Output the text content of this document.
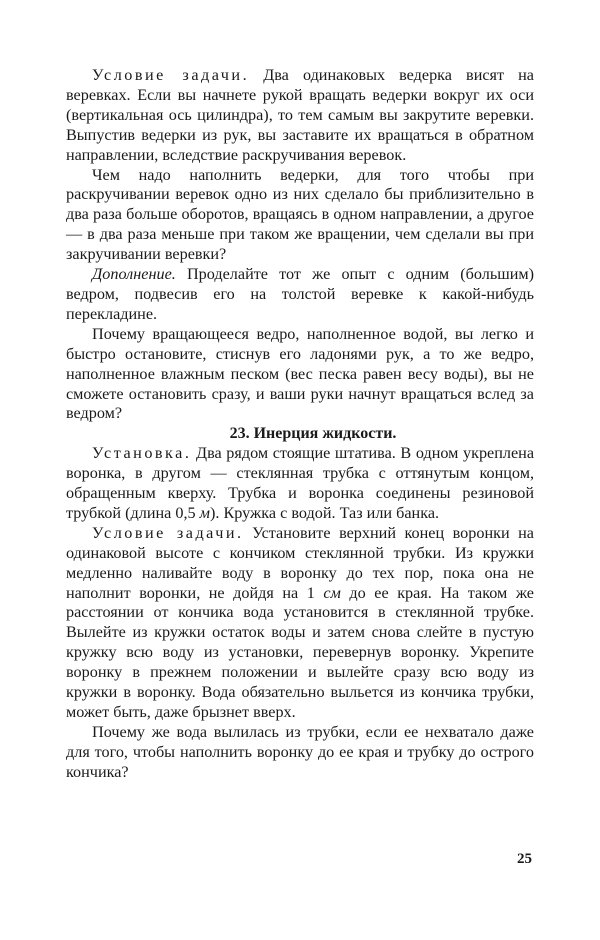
Условие задачи. Два одинаковых ведерка висят на веревках. Если вы начнете рукой вращать ведерки вокруг их оси (вертикальная ось цилиндра), то тем самым вы закрутите веревки. Выпустив ведерки из рук, вы заставите их вращаться в обратном направлении, вследствие раскручивания веревок.

Чем надо наполнить ведерки, для того чтобы при раскручивании веревок одно из них сделало бы приблизительно в два раза больше оборотов, вращаясь в одном направлении, а другое — в два раза меньше при таком же вращении, чем сделали вы при закручивании веревки?

Дополнение. Проделайте тот же опыт с одним (большим) ведром, подвесив его на толстой веревке к какой-нибудь перекладине.

Почему вращающееся ведро, наполненное водой, вы легко и быстро остановите, стиснув его ладонями рук, а то же ведро, наполненное влажным песком (вес песка равен весу воды), вы не сможете остановить сразу, и ваши руки начнут вращаться вслед за ведром?

23. Инерция жидкости.

Установка. Два рядом стоящие штатива. В одном укреплена воронка, в другом — стеклянная трубка с оттянутым концом, обращенным кверху. Трубка и воронка соединены резиновой трубкой (длина 0,5 м). Кружка с водой. Таз или банка.

Условие задачи. Установите верхний конец воронки на одинаковой высоте с кончиком стеклянной трубки. Из кружки медленно наливайте воду в воронку до тех пор, пока она не наполнит воронки, не дойдя на 1 см до ее края. На таком же расстоянии от кончика вода установится в стеклянной трубке. Вылейте из кружки остаток воды и затем снова слейте в пустую кружку всю воду из установки, перевернув воронку. Укрепите воронку в прежнем положении и вылейте сразу всю воду из кружки в воронку. Вода обязательно выльется из кончика трубки, может быть, даже брызнет вверх.

Почему же вода вылилась из трубки, если ее нехватало даже для того, чтобы наполнить воронку до ее края и трубку до острого кончика?

25
